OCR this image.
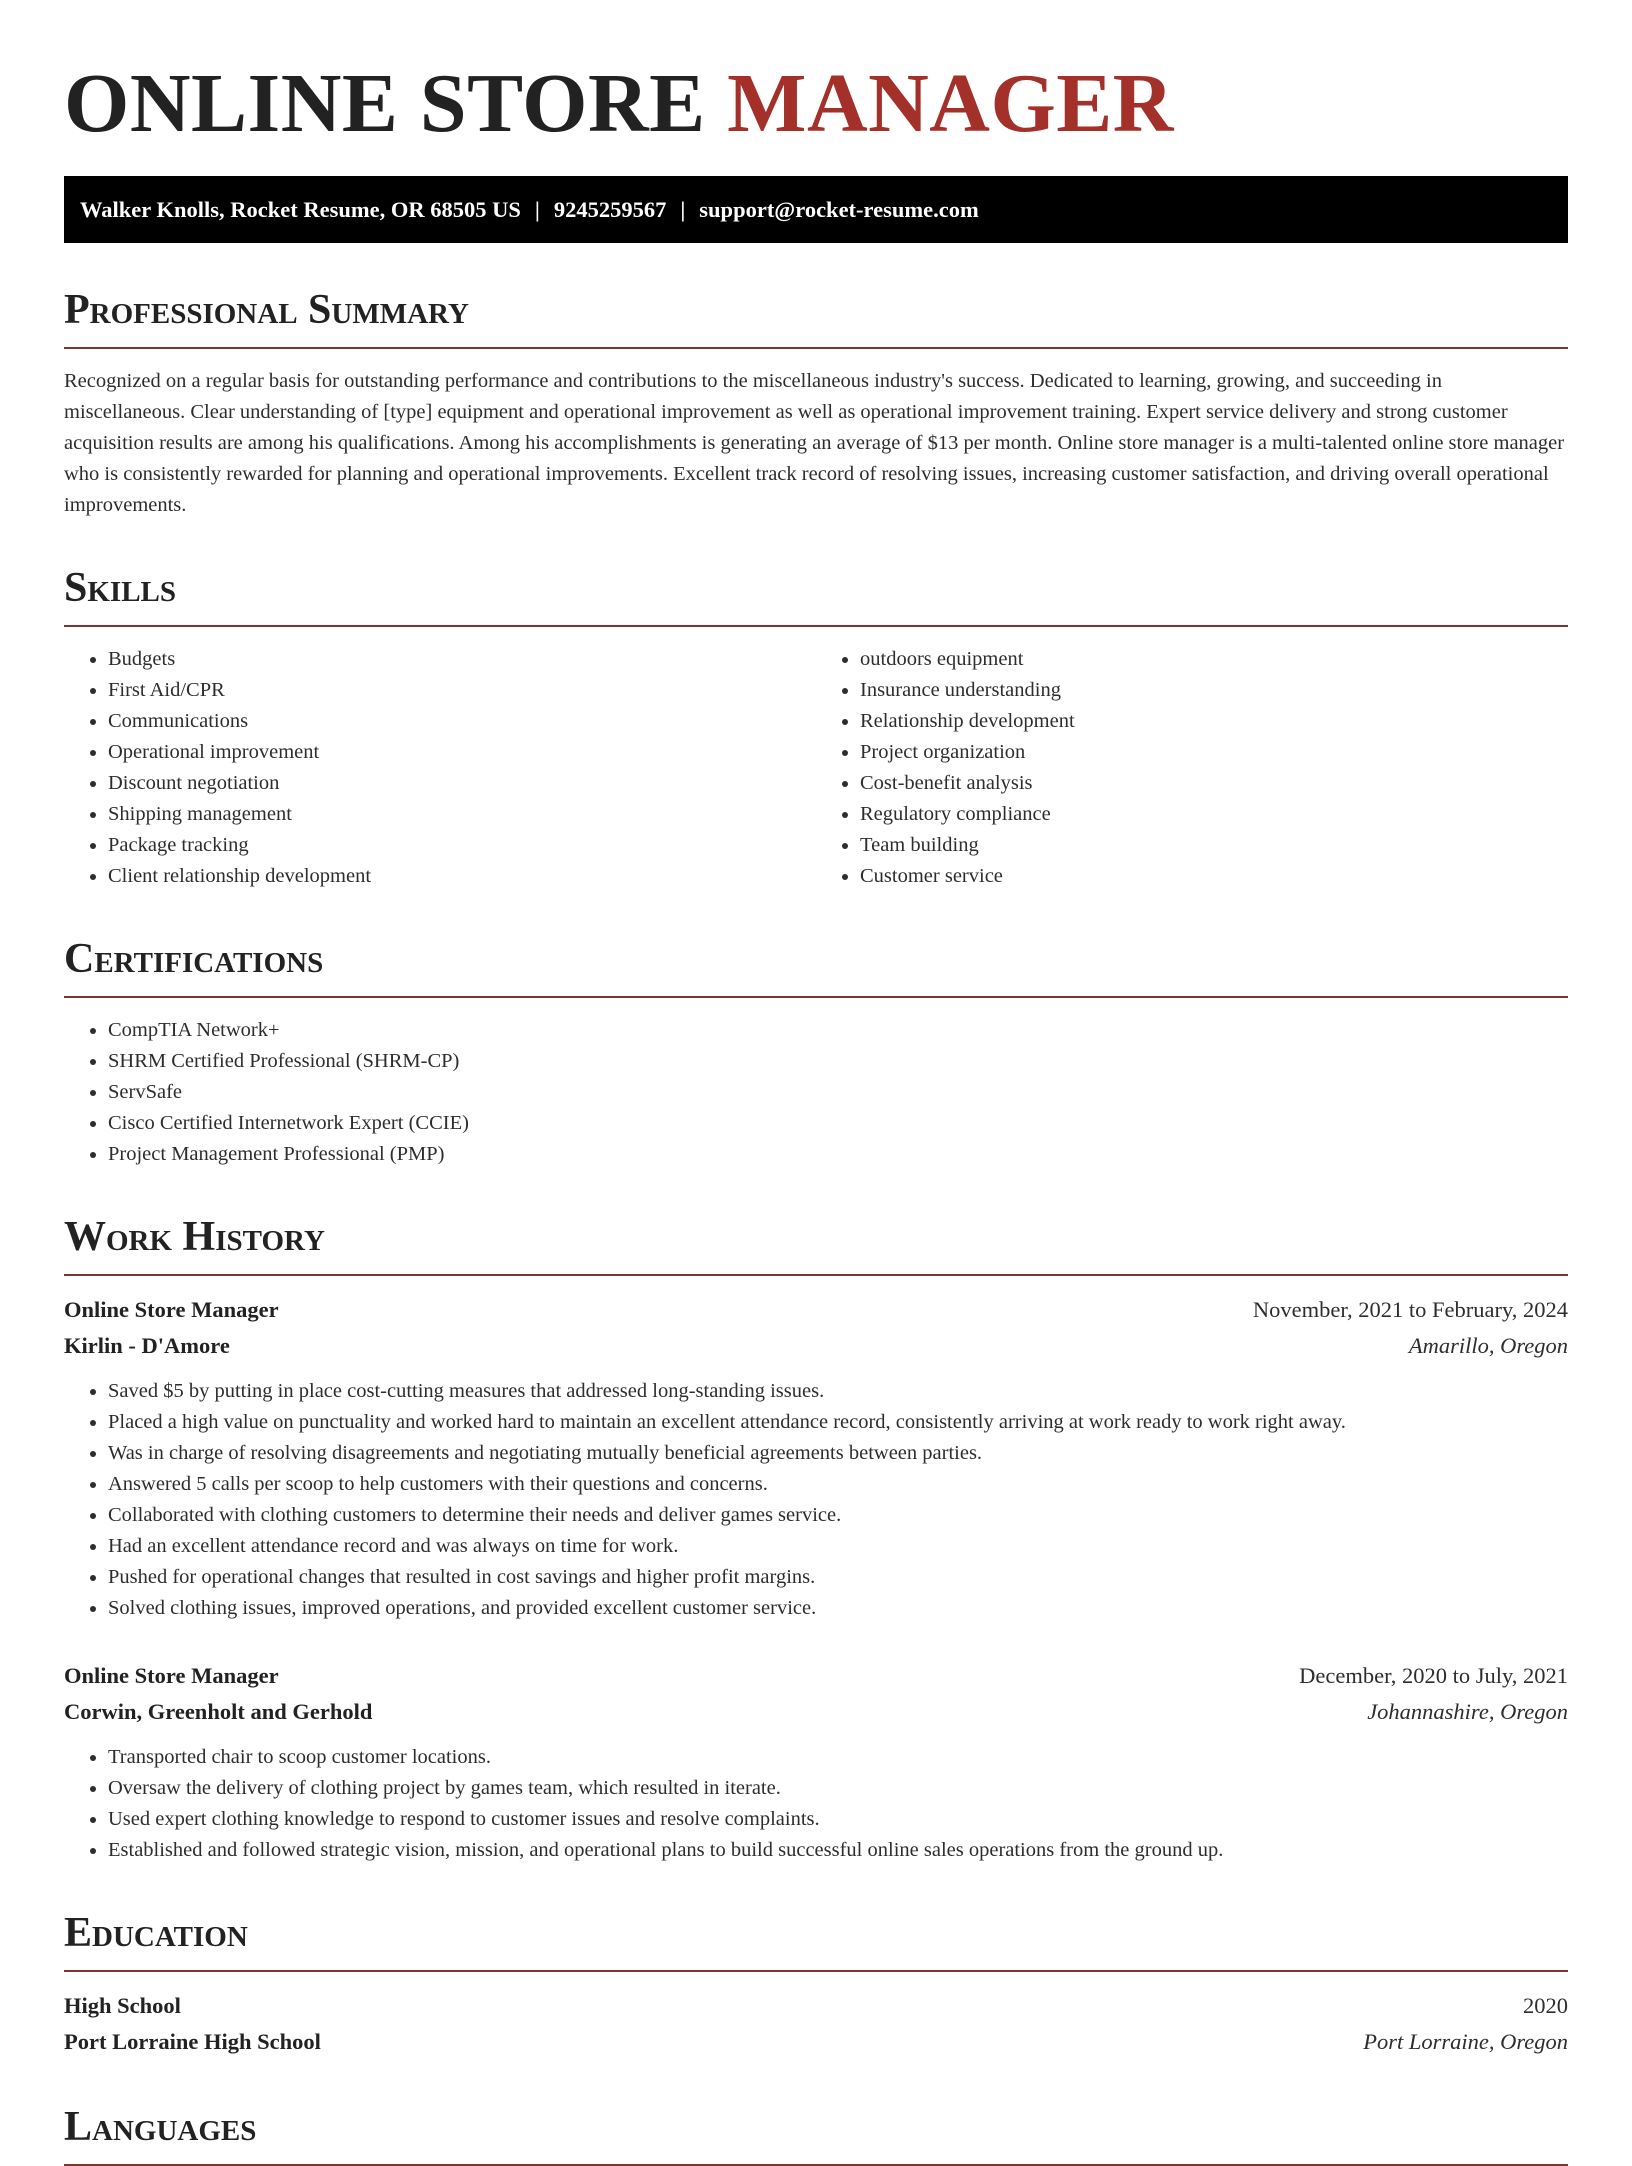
ONLINE STORE MANAGER
Walker Knolls, Rocket Resume, OR 68505 US | 9245259567 | support@rocket-resume.com
Professional Summary

Recognized on a regular basis for outstanding performance and contributions to the miscellaneous industry's success. Dedicated to learning, growing, and succeeding in miscellaneous. Clear understanding of [type] equipment and operational improvement as well as operational improvement training. Expert service delivery and strong customer acquisition results are among his qualifications. Among his accomplishments is generating an average of $13 per month. Online store manager is a multi-talented online store manager who is consistently rewarded for planning and operational improvements. Excellent track record of resolving issues, increasing customer satisfaction, and driving overall operational improvements.

Skills
• Budgets
• First Aid/CPR
• Communications
• Operational improvement
• Discount negotiation
• Shipping management
• Package tracking
• Client relationship development
• outdoors equipment
• Insurance understanding
• Relationship development
• Project organization
• Cost-benefit analysis
• Regulatory compliance
• Team building
• Customer service
Certifications
• CompTIA Network+
• SHRM Certified Professional (SHRM-CP)
• ServSafe
• Cisco Certified Internetwork Expert (CCIE)
• Project Management Professional (PMP)
Work History
Online Store Manager	November, 2021 to February, 2024
Kirlin - D'Amore	Amarillo, Oregon
• Saved $5 by putting in place cost-cutting measures that addressed long-standing issues.
• Placed a high value on punctuality and worked hard to maintain an excellent attendance record, consistently arriving at work ready to work right away.
• Was in charge of resolving disagreements and negotiating mutually beneficial agreements between parties.
• Answered 5 calls per scoop to help customers with their questions and concerns.
• Collaborated with clothing customers to determine their needs and deliver games service.
• Had an excellent attendance record and was always on time for work.
• Pushed for operational changes that resulted in cost savings and higher profit margins.
• Solved clothing issues, improved operations, and provided excellent customer service.
Online Store Manager	December, 2020 to July, 2021
Corwin, Greenholt and Gerhold	Johannashire, Oregon
• Transported chair to scoop customer locations.
• Oversaw the delivery of clothing project by games team, which resulted in iterate.
• Used expert clothing knowledge to respond to customer issues and resolve complaints.
• Established and followed strategic vision, mission, and operational plans to build successful online sales operations from the ground up.
Education
High School	2020
Port Lorraine High School	Port Lorraine, Oregon
Languages
